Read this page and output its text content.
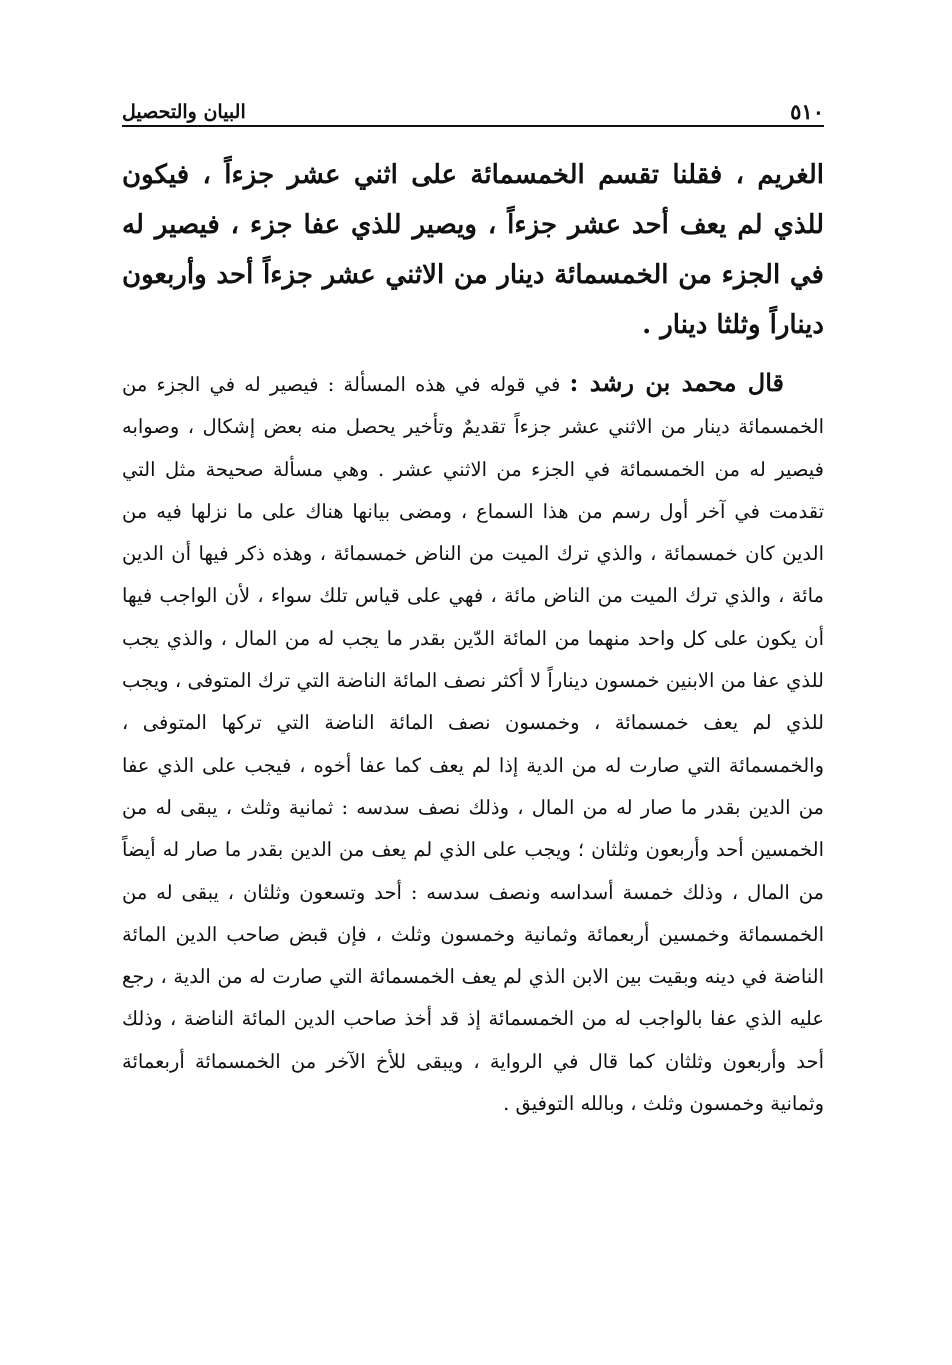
٥١٠
البيان والتحصيل

الغريم ، فقلنا تقسم الخمسمائة على اثني عشر جزءاً ، فيكون للذي لم يعف أحد عشر جزءاً ، ويصير للذي عفا جزء ، فيصير له في الجزء من الخمسمائة دينار من الاثني عشر جزءاً أحد وأربعون ديناراً وثلثا دينار .

قال محمد بن رشد : في قوله في هذه المسألة : فيصير له في الجزء من الخمسمائة دينار من الاثني عشر جزءاً تقديمٌ وتأخير يحصل منه بعض إشكال ، وصوابه فيصير له من الخمسمائة في الجزء من الاثني عشر . وهي مسألة صحيحة مثل التي تقدمت في آخر أول رسم من هذا السماع ، ومضى بيانها هناك على ما نزلها فيه من الدين كان خمسمائة ، والذي ترك الميت من الناض خمسمائة ، وهذه ذكر فيها أن الدين مائة ، والذي ترك الميت من الناض مائة ، فهي على قياس تلك سواء ، لأن الواجب فيها أن يكون على كل واحد منهما من المائة الدّين بقدر ما يجب له من المال ، والذي يجب للذي عفا من الابنين خمسون ديناراً لا أكثر نصف المائة الناضة التي ترك المتوفى ، ويجب للذي لم يعف خمسمائة ، وخمسون نصف المائة الناضة التي تركها المتوفى ، والخمسمائة التي صارت له من الدية إذا لم يعف كما عفا أخوه ، فيجب على الذي عفا من الدين بقدر ما صار له من المال ، وذلك نصف سدسه : ثمانية وثلث ، يبقى له من الخمسين أحد وأربعون وثلثان ؛ ويجب على الذي لم يعف من الدين بقدر ما صار له أيضاً من المال ، وذلك خمسة أسداسه ونصف سدسه : أحد وتسعون وثلثان ، يبقى له من الخمسمائة وخمسين أربعمائة وثمانية وخمسون وثلث ، فإن قبض صاحب الدين المائة الناضة في دينه وبقيت بين الابن الذي لم يعف الخمسمائة التي صارت له من الدية ، رجع عليه الذي عفا بالواجب له من الخمسمائة إذ قد أخذ صاحب الدين المائة الناضة ، وذلك أحد وأربعون وثلثان كما قال في الرواية ، ويبقى للأخ الآخر من الخمسمائة أربعمائة وثمانية وخمسون وثلث ، وبالله التوفيق .
